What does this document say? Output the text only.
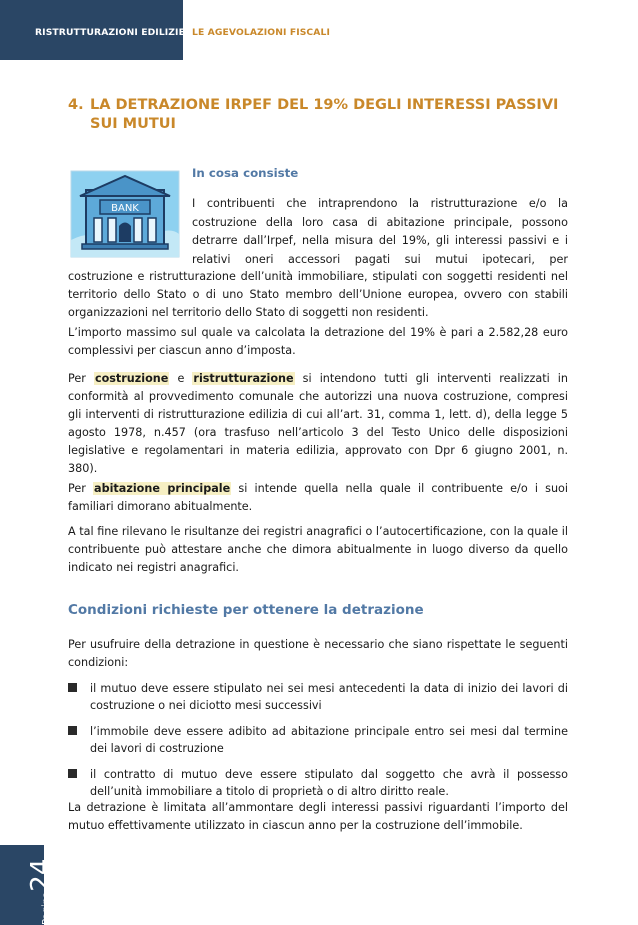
RISTRUTTURAZIONI EDILIZIE: LE AGEVOLAZIONI FISCALI
Pagina24
4. LA DETRAZIONE IRPEF DEL 19% DEGLI INTERESSI PASSIVI SUI MUTUI
BANK
In cosa consiste
I contribuenti che intraprendono la ristrutturazione e/o la
costruzione della loro casa di abitazione principale, possono
detrarre dall’Irpef, nella misura del 19%, gli interessi passivi e i
relativi oneri accessori pagati sui mutui ipotecari, per

costruzione e ristrutturazione dell’unità immobiliare, stipulati con soggetti residenti nel territorio dello Stato o di uno Stato membro dell’Unione europea, ovvero con stabili organizzazioni nel territorio dello Stato di soggetti non residenti.

L’importo massimo sul quale va calcolata la detrazione del 19% è pari a 2.582,28 euro complessivi per ciascun anno d’imposta.

Per costruzione e ristrutturazione si intendono tutti gli interventi realizzati in conformità al provvedimento comunale che autorizzi una nuova costruzione, compresi gli interventi di ristrutturazione edilizia di cui all’art. 31, comma 1, lett. d), della legge 5 agosto 1978, n.457 (ora trasfuso nell’articolo 3 del Testo Unico delle disposizioni legislative e regolamentari in materia edilizia, approvato con Dpr 6 giugno 2001, n. 380).

Per abitazione principale si intende quella nella quale il contribuente e/o i suoi familiari dimorano abitualmente.

A tal fine rilevano le risultanze dei registri anagrafici o l’autocertificazione, con la quale il contribuente può attestare anche che dimora abitualmente in luogo diverso da quello indicato nei registri anagrafici.

Condizioni richieste per ottenere la detrazione

Per usufruire della detrazione in questione è necessario che siano rispettate le seguenti condizioni:

il mutuo deve essere stipulato nei sei mesi antecedenti la data di inizio dei lavori di costruzione o nei diciotto mesi successivi
l’immobile deve essere adibito ad abitazione principale entro sei mesi dal termine dei lavori di costruzione
il contratto di mutuo deve essere stipulato dal soggetto che avrà il possesso dell’unità immobiliare a titolo di proprietà o di altro diritto reale.

La detrazione è limitata all’ammontare degli interessi passivi riguardanti l’importo del mutuo effettivamente utilizzato in ciascun anno per la costruzione dell’immobile.
